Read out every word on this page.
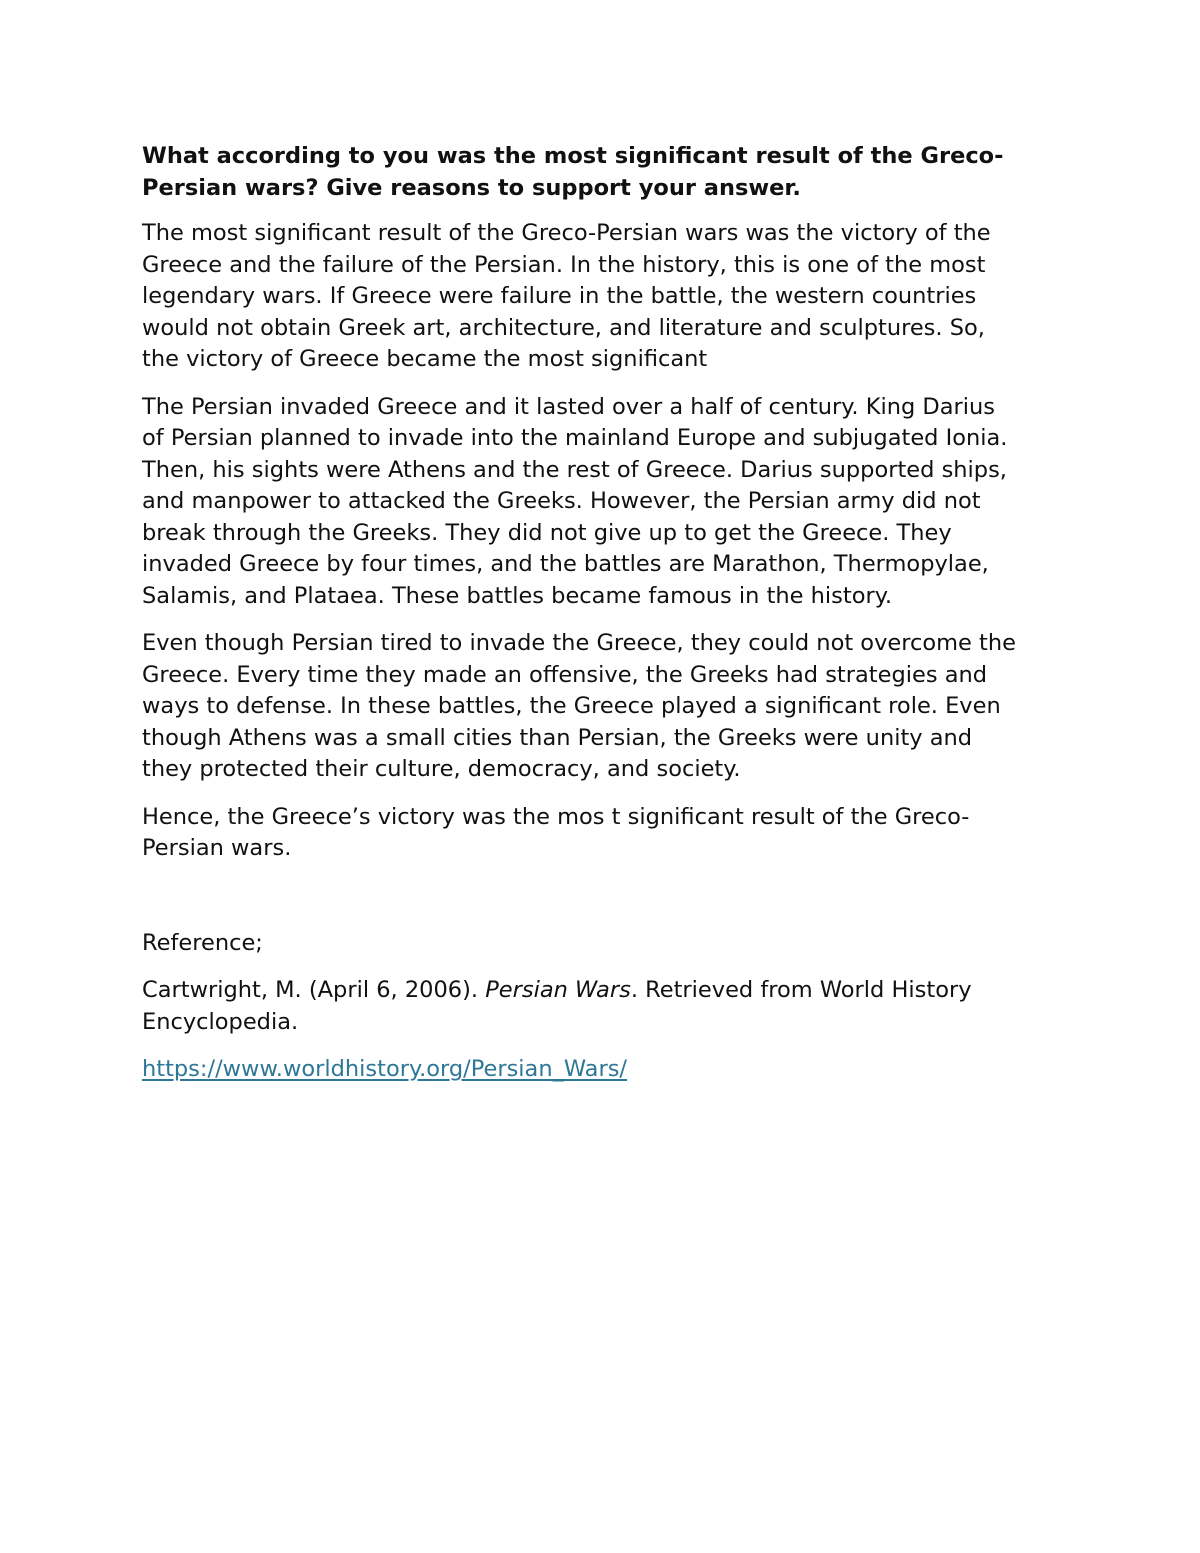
What according to you was the most significant result of the Greco-
Persian wars? Give reasons to support your answer.

The most significant result of the Greco-Persian wars was the victory of the
Greece and the failure of the Persian. In the history, this is one of the most
legendary wars. If Greece were failure in the battle, the western countries
would not obtain Greek art, architecture, and literature and sculptures. So,
the victory of Greece became the most significant

The Persian invaded Greece and it lasted over a half of century. King Darius
of Persian planned to invade into the mainland Europe and subjugated Ionia.
Then, his sights were Athens and the rest of Greece. Darius supported ships,
and manpower to attacked the Greeks. However, the Persian army did not
break through the Greeks. They did not give up to get the Greece. They
invaded Greece by four times, and the battles are Marathon, Thermopylae,
Salamis, and Plataea. These battles became famous in the history.

Even though Persian tired to invade the Greece, they could not overcome the
Greece. Every time they made an offensive, the Greeks had strategies and
ways to defense. In these battles, the Greece played a significant role. Even
though Athens was a small cities than Persian, the Greeks were unity and
they protected their culture, democracy, and society.

Hence, the Greece’s victory was the mos t significant result of the Greco-
Persian wars.

Reference;

Cartwright, M. (April 6, 2006). Persian Wars. Retrieved from World History
Encyclopedia.

https://www.worldhistory.org/Persian_Wars/
